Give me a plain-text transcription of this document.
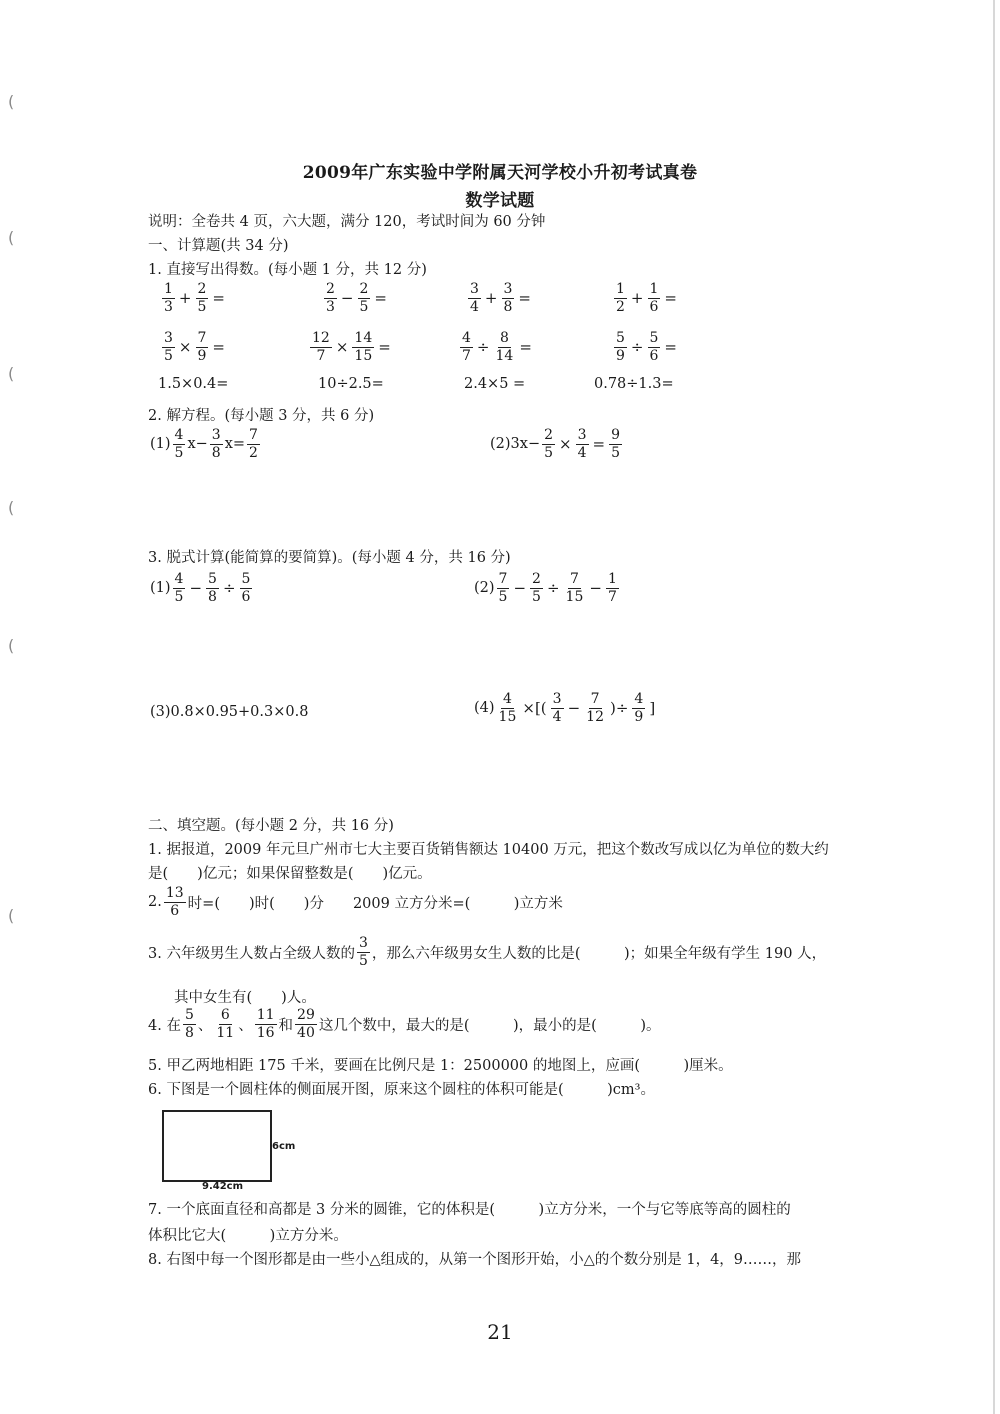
(
(
(
(
(
(
2009年广东实验中学附属天河学校小升初考试真卷
数学试题
说明：全卷共 4 页，六大题，满分 120，考试时间为 60 分钟
一、计算题(共 34 分)
1. 直接写出得数。(每小题 1 分，共 12 分)
$\frac{1}{3} + \frac{2}{5}$ =	$\frac{2}{3} - \frac{2}{5}$ =	$\frac{3}{4} + \frac{3}{8}$ =	$\frac{1}{2} + \frac{1}{6}$ =
$\frac{3}{5} \times \frac{7}{9}$ =	$\frac{12}{7} \times \frac{14}{15}$ =	$\frac{4}{7} \div \frac{8}{14}$ =	$\frac{5}{9} \div \frac{5}{6}$ =
1.5×0.4=	10÷2.5=	2.4×5 =	0.78÷1.3=
2. 解方程。(每小题 3 分，共 6 分)
$(1) \frac{4}{5} x- \frac{3}{8} x= \frac{7}{2}$	$(2)3x- \frac{2}{5} \times \frac{3}{4} = \frac{9}{5}$
3. 脱式计算(能简算的要简算)。(每小题 4 分，共 16 分)
$(1) \frac{4}{5} - \frac{5}{8} \div \frac{5}{6}$	$(2) \frac{7}{5} - \frac{2}{5} \div \frac{7}{15} - \frac{1}{7}$
(3)0.8×0.95+0.3×0.8	$(4) \frac{4}{15}$ ×[( $\frac{3}{4} - \frac{7}{12}$ )÷ $\frac{4}{9}$ ]
二、填空题。(每小题 2 分，共 16 分)
1. 据报道，2009 年元旦广州市七大主要百货销售额达 10400 万元，把这个数改写成以亿为单位的数大约
是(　　)亿元；如果保留整数是(　　)亿元。
2. $\frac{13}{6}$ 时=(　　)时(　　)分　　2009 立方分米=(　　　)立方米
3. 六年级男生人数占全级人数的 $\frac{3}{5}$ ，那么六年级男女生人数的比是(　　　)；如果全年级有学生 190 人，
其中女生有(　　)人。
4. 在 $\frac{5}{8}$ 、 $\frac{6}{11}$ 、 $\frac{11}{16}$ 和 $\frac{29}{40}$ 这几个数中，最大的是(　　　)，最小的是(　　　)。
5. 甲乙两地相距 175 千米，要画在比例尺是 1：2500000 的地图上，应画(　　　)厘米。
6. 下图是一个圆柱体的侧面展开图，原来这个圆柱的体积可能是(　　　)cm³。
6cm
9.42cm
7. 一个底面直径和高都是 3 分米的圆锥，它的体积是(　　　)立方分米，一个与它等底等高的圆柱的
体积比它大(　　　)立方分米。
8. 右图中每一个图形都是由一些小△组成的，从第一个图形开始，小△的个数分别是 1，4，9……，那
21
